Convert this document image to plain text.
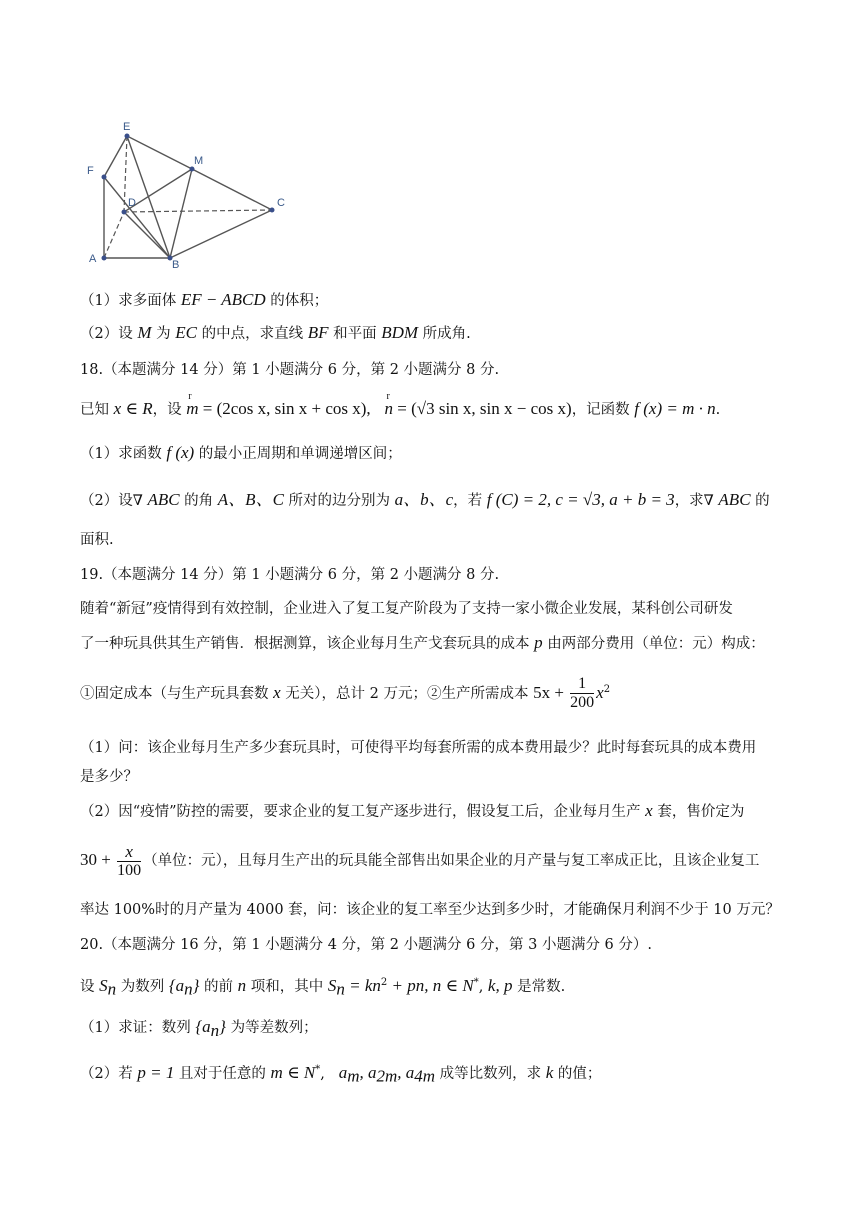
E
F
M
D	C
A	B
（1）求多面体 EF − ABCD 的体积；
（2）设 M 为 EC 的中点，求直线 BF 和平面 BDM 所成角.
18.（本题满分 14 分）第 1 小题满分 6 分，第 2 小题满分 8 分.
已知 x ∈ R，设
r
m = (2cos x, sin x + cos x),
r
n = (√3 sin x, sin x − cos x)，记函数 f (x) = m · n.
（1）求函数 f (x) 的最小正周期和单调递增区间；
（2）设∇ ABC 的角 A、B、C 所对的边分别为 a、b、c，若 f (C) = 2, c = √3, a + b = 3，求∇ ABC 的
面积.
19.（本题满分 14 分）第 1 小题满分 6 分，第 2 小题满分 8 分.
随着“新冠”疫情得到有效控制，企业进入了复工复产阶段为了支持一家小微企业发展，某科创公司研发
了一种玩具供其生产销售．根据测算，该企业每月生产戈套玩具的成本 p 由两部分费用（单位：元）构成：
①固定成本（与生产玩具套数 x 无关），总计 2 万元；②生产所需成本 $5x + \frac{1}{200} x^2$
（1）问：该企业每月生产多少套玩具时，可使得平均每套所需的成本费用最少？此时每套玩具的成本费用
是多少？
（2）因“疫情”防控的需要，要求企业的复工复产逐步进行，假设复工后，企业每月生产 x 套，售价定为
$30 + \frac{x}{100}$ （单位：元），且每月生产出的玩具能全部售出如果企业的月产量与复工率成正比，且该企业复工
率达 100%时的月产量为 4000 套，问：该企业的复工率至少达到多少时，才能确保月利润不少于 10 万元？
20.（本题满分 16 分，第 1 小题满分 4 分，第 2 小题满分 6 分，第 3 小题满分 6 分）.
设 $S_n$ 为数列 $\{a_n\}$ 的前 n 项和，其中 $S_n = kn^2$ + pn, n ∈ N*, k, p 是常数.
（1）求证：数列 $\{a_n\}$ 为等差数列；
（2）若 p = 1 且对于任意的 m ∈ N*,   $a_m$, $a_{2m}$, $a_{4m}$ 成等比数列，求 k 的值；
